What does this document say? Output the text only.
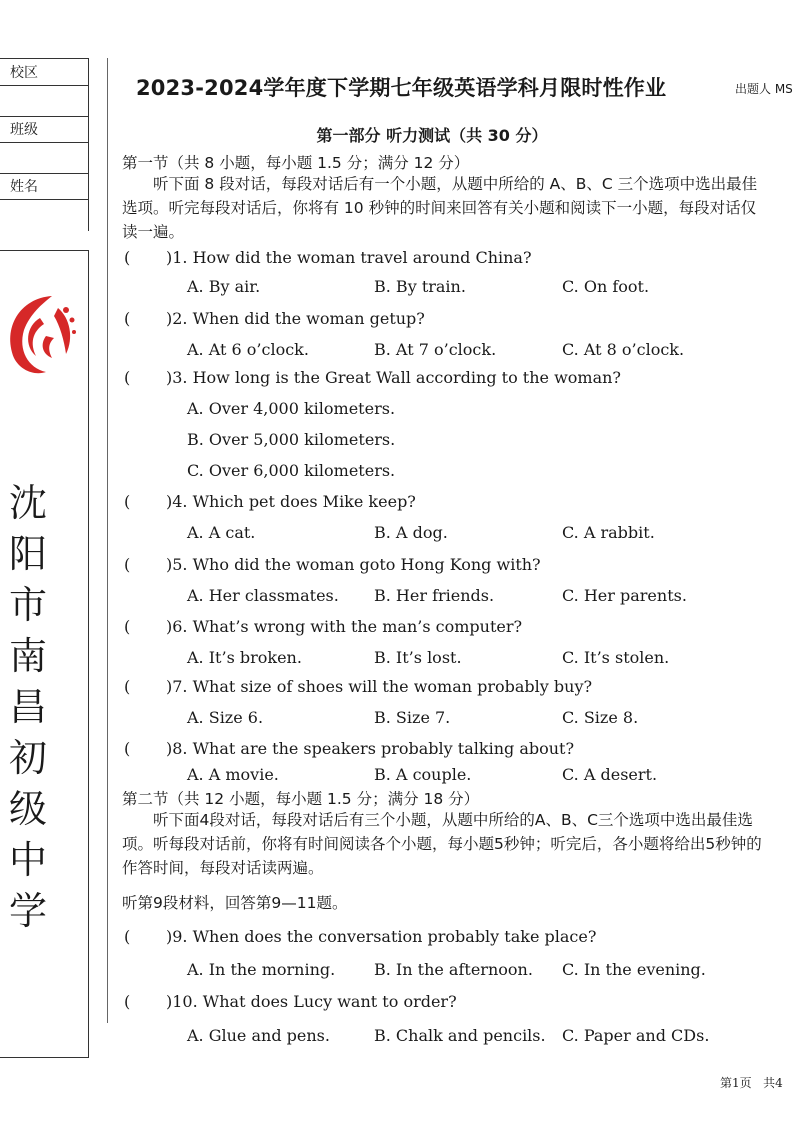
校区
班级
姓名
沈
阳
市
南
昌
初
级
中
学
2023-2024学年度下学期七年级英语学科月限时性作业	出题人 MS
第一部分 听力测试（共 30 分）
第一节（共 8 小题，每小题 1.5 分；满分 12 分）
听下面 8 段对话，每段对话后有一个小题，从题中所给的 A、B、C 三个选项中选出最佳选项。听完每段对话后，你将有 10 秒钟的时间来回答有关小题和阅读下一小题，每段对话仅读一遍。
( )1. How did the woman travel around China?
A. By air.	B. By train.	C. On foot.
( )2. When did the woman getup?
A. At 6 o’clock.	B. At 7 o’clock.	C. At 8 o’clock.
( )3. How long is the Great Wall according to the woman?
A. Over 4,000 kilometers.
B. Over 5,000 kilometers.
C. Over 6,000 kilometers.
( )4. Which pet does Mike keep?
A. A cat.	B. A dog.	C. A rabbit.
( )5. Who did the woman goto Hong Kong with?
A. Her classmates. B. Her friends.	C. Her parents.
( )6. What’s wrong with the man’s computer?
A. It’s broken.	B. It’s lost.	C. It’s stolen.
( )7. What size of shoes will the woman probably buy?
A. Size 6.	B. Size 7.	C. Size 8.
( )8. What are the speakers probably talking about?
A. A movie.	B. A couple.	C. A desert.
第二节（共 12 小题，每小题 1.5 分；满分 18 分）
听下面4段对话，每段对话后有三个小题，从题中所给的A、B、C三个选项中选出最佳选项。听每段对话前，你将有时间阅读各个小题，每小题5秒钟；听完后，各小题将给出5秒钟的作答时间，每段对话读两遍。
听第9段材料，回答第9—11题。
( )9. When does the conversation probably take place?
A. In the morning. B. In the afternoon. C. In the evening.
( )10. What does Lucy want to order?
A. Glue and pens.	B. Chalk and pencils. C. Paper and CDs.
第1页 共4
